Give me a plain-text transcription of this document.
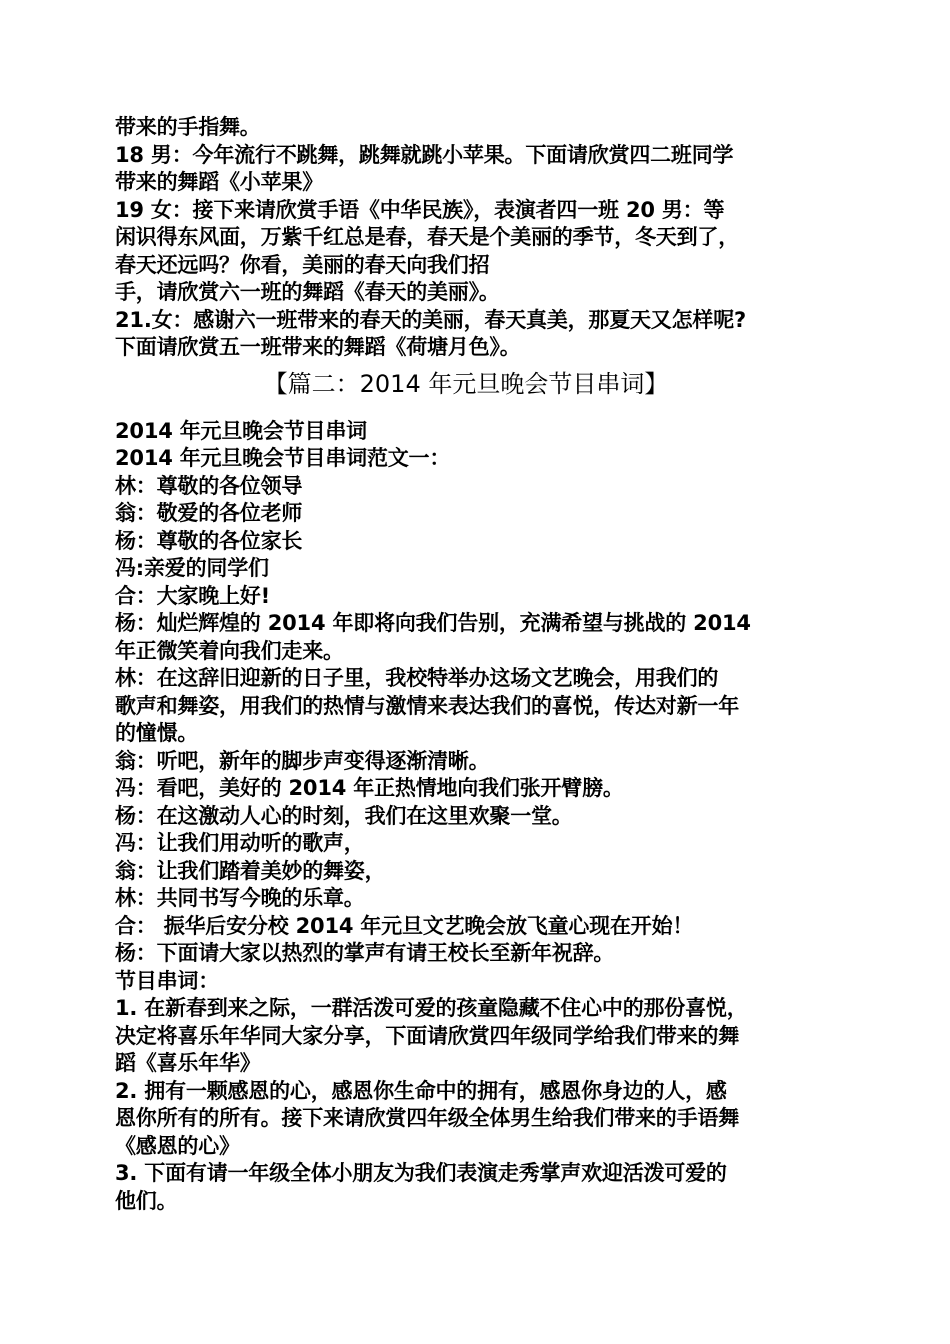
带来的手指舞。
18 男：今年流行不跳舞，跳舞就跳小苹果。下面请欣赏四二班同学
带来的舞蹈《小苹果》
19 女：接下来请欣赏手语《中华民族》，表演者四一班 20 男：等
闲识得东风面，万紫千红总是春，春天是个美丽的季节，冬天到了，
春天还远吗？你看，美丽的春天向我们招
手，请欣赏六一班的舞蹈《春天的美丽》。
21.女：感谢六一班带来的春天的美丽，春天真美，那夏天又怎样呢?
下面请欣赏五一班带来的舞蹈《荷塘月色》。
【篇二：2014 年元旦晚会节目串词】
2014 年元旦晚会节目串词
2014 年元旦晚会节目串词范文一：
林：尊敬的各位领导
翁：敬爱的各位老师
杨：尊敬的各位家长
冯:亲爱的同学们
合：大家晚上好!
杨：灿烂辉煌的 2014 年即将向我们告别，充满希望与挑战的 2014
年正微笑着向我们走来。
林：在这辞旧迎新的日子里，我校特举办这场文艺晚会，用我们的
歌声和舞姿，用我们的热情与激情来表达我们的喜悦，传达对新一年
的憧憬。
翁：听吧，新年的脚步声变得逐渐清晰。
冯：看吧，美好的 2014 年正热情地向我们张开臂膀。
杨：在这激动人心的时刻，我们在这里欢聚一堂。
冯：让我们用动听的歌声，
翁：让我们踏着美妙的舞姿，
林：共同书写今晚的乐章。
合： 振华后安分校 2014 年元旦文艺晚会放飞童心现在开始！
杨：下面请大家以热烈的掌声有请王校长至新年祝辞。
节目串词：
1. 在新春到来之际，一群活泼可爱的孩童隐藏不住心中的那份喜悦，
决定将喜乐年华同大家分享，下面请欣赏四年级同学给我们带来的舞
蹈《喜乐年华》
2. 拥有一颗感恩的心，感恩你生命中的拥有，感恩你身边的人，感
恩你所有的所有。接下来请欣赏四年级全体男生给我们带来的手语舞
《感恩的心》
3. 下面有请一年级全体小朋友为我们表演走秀掌声欢迎活泼可爱的
他们。
